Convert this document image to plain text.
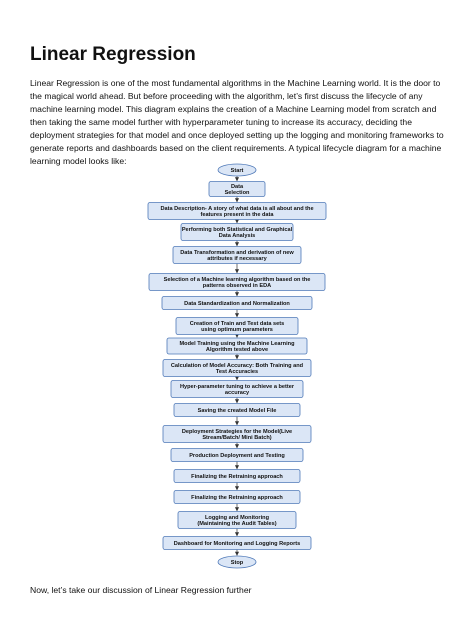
Linear Regression

Linear Regression is one of the most fundamental algorithms in the Machine Learning world. It is the door to the magical world ahead. But before proceeding with the algorithm, let’s first discuss the lifecycle of any machine learning model. This diagram explains the creation of a Machine Learning model from scratch and then taking the same model further with hyperparameter tuning to increase its accuracy, deciding the deployment strategies for that model and once deployed setting up the logging and monitoring frameworks to generate reports and dashboards based on the client requirements. A typical lifecycle diagram for a machine learning model looks like:

Start
Data
Selection
Data Description- A story of what data is all about and the
features present in the data
Performing both Statistical and Graphical
Data Analysis
Data Transformation and derivation of new
attributes if necessary
Selection of a Machine learning algorithm based on the
patterns observed in EDA
Data Standardization and Normalization
Creation of Train and Test data sets
using optimum parameters
Model Training using the Machine Learning
Algorithm tested above
Calculation of Model Accuracy: Both Training and
Test Accuracies
Hyper-parameter tuning to achieve a better
accuracy
Saving the created Model File
Deployment Strategies for the Model(Live
Stream/Batch/ Mini Batch)
Production Deployment and Testing
Finalizing the Retraining approach
Finalizing the Retraining approach
Logging and Monitoring
(Maintaining the Audit Tables)
Dashboard for Monitoring and Logging Reports
Stop

Now, let’s take our discussion of Linear Regression further
